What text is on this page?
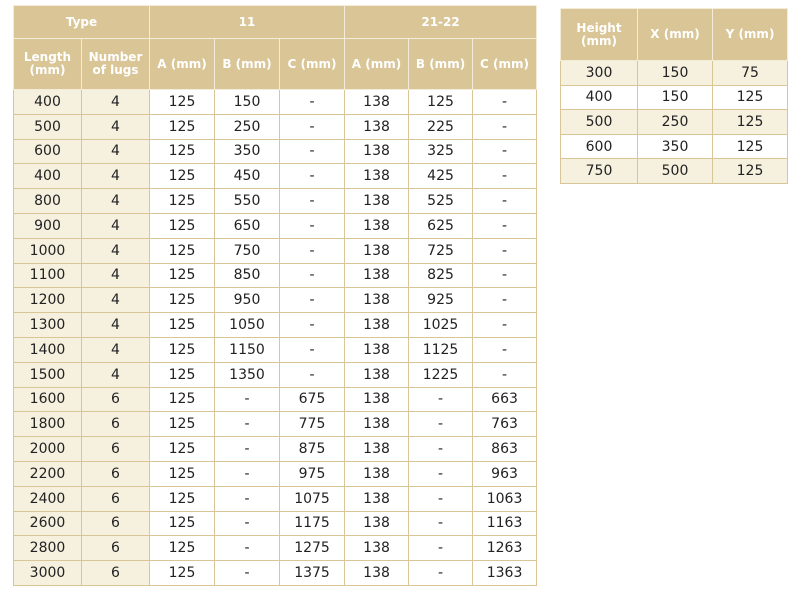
Type		11			21-22		
Length (mm)	Number of lugs	A (mm)	B (mm)	C (mm)	A (mm)	B (mm)	C (mm)
400	4	125	150	-	138	125	-
500	4	125	250	-	138	225	-
600	4	125	350	-	138	325	-
400	4	125	450	-	138	425	-
800	4	125	550	-	138	525	-
900	4	125	650	-	138	625	-
1000	4	125	750	-	138	725	-
1100	4	125	850	-	138	825	-
1200	4	125	950	-	138	925	-
1300	4	125	1050	-	138	1025	-
1400	4	125	1150	-	138	1125	-
1500	4	125	1350	-	138	1225	-
1600	6	125	-	675	138	-	663
1800	6	125	-	775	138	-	763
2000	6	125	-	875	138	-	863
2200	6	125	-	975	138	-	963
2400	6	125	-	1075	138	-	1063
2600	6	125	-	1175	138	-	1163
2800	6	125	-	1275	138	-	1263
3000	6	125	-	1375	138	-	1363
Height (mm)	X (mm)	Y (mm)
300	150	75
400	150	125
500	250	125
600	350	125
750	500	125
